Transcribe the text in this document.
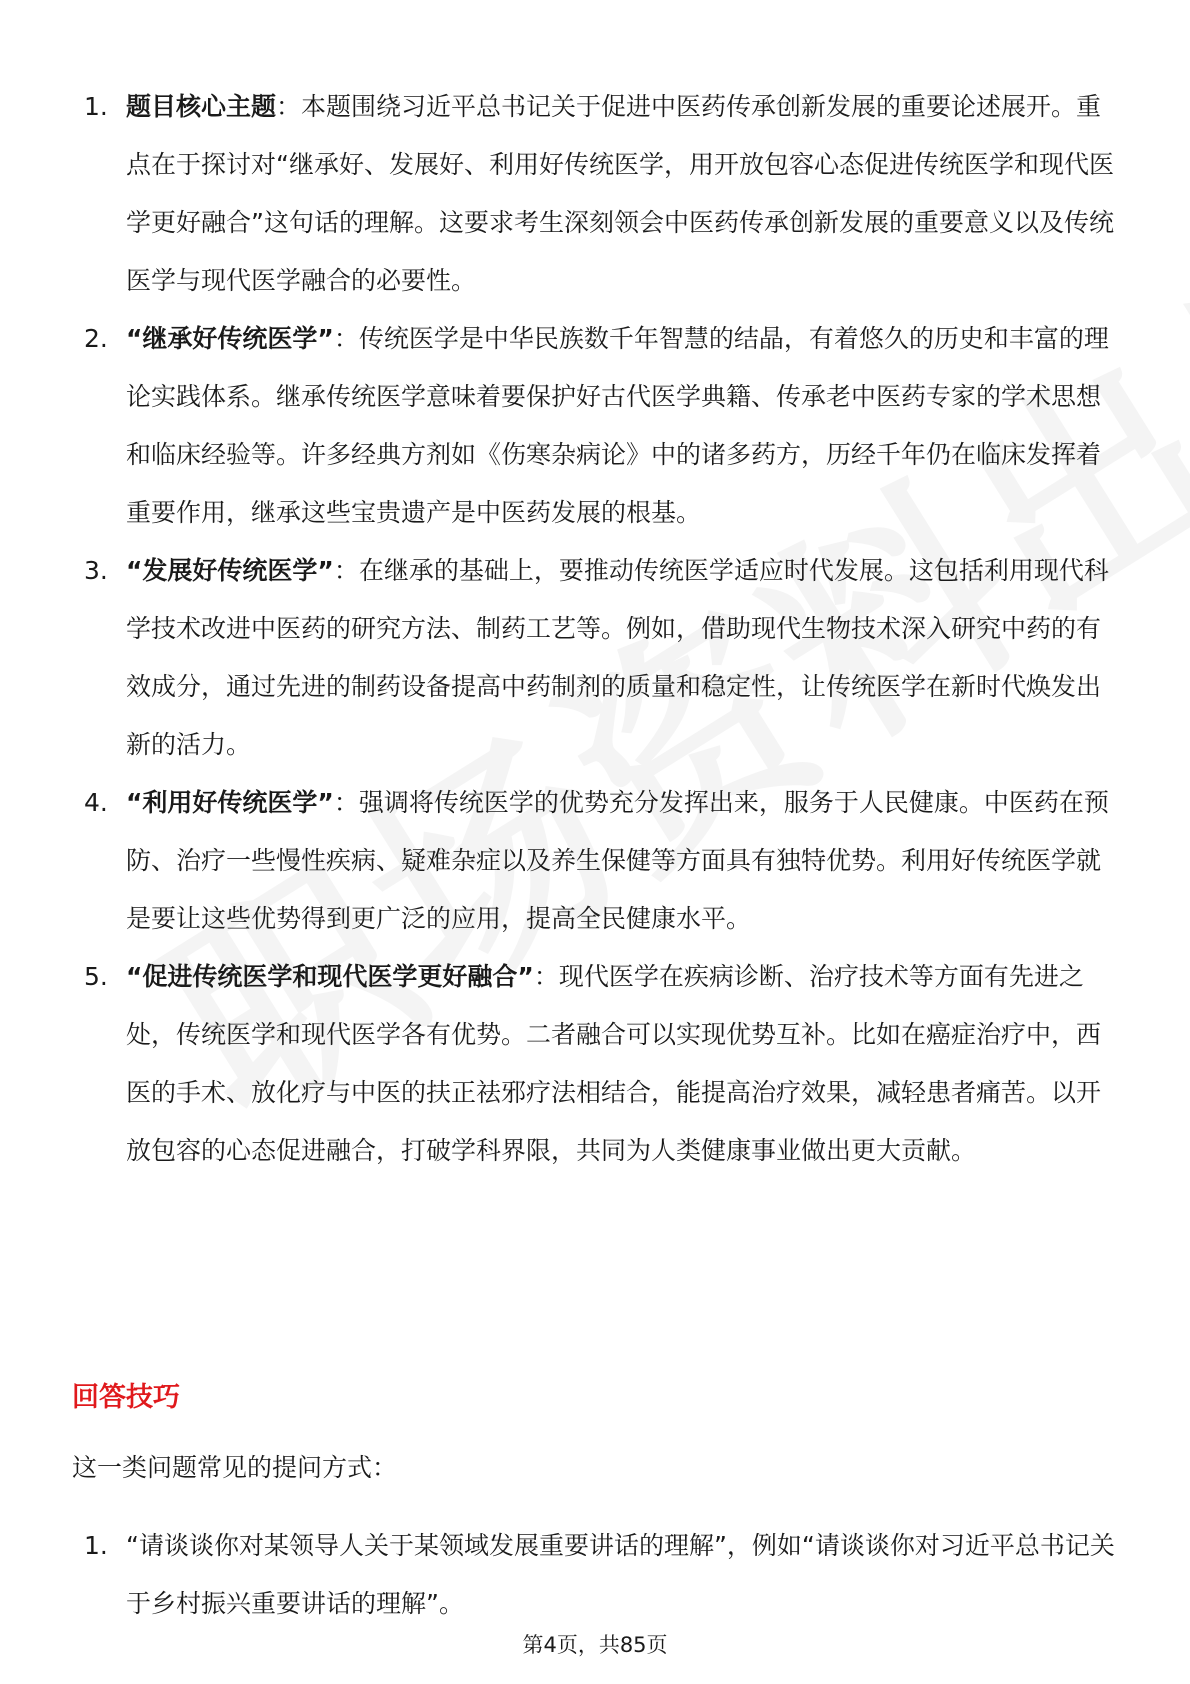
1. 题目核心主题：本题围绕习近平总书记关于促进中医药传承创新发展的重要论述展开。重点在于探讨对“继承好、发展好、利用好传统医学，用开放包容心态促进传统医学和现代医学更好融合”这句话的理解。这要求考生深刻领会中医药传承创新发展的重要意义以及传统医学与现代医学融合的必要性。
2. “继承好传统医学”：传统医学是中华民族数千年智慧的结晶，有着悠久的历史和丰富的理论实践体系。继承传统医学意味着要保护好古代医学典籍、传承老中医药专家的学术思想和临床经验等。许多经典方剂如《伤寒杂病论》中的诸多药方，历经千年仍在临床发挥着重要作用，继承这些宝贵遗产是中医药发展的根基。
3. “发展好传统医学”：在继承的基础上，要推动传统医学适应时代发展。这包括利用现代科学技术改进中医药的研究方法、制药工艺等。例如，借助现代生物技术深入研究中药的有效成分，通过先进的制药设备提高中药制剂的质量和稳定性，让传统医学在新时代焕发出新的活力。
4. “利用好传统医学”：强调将传统医学的优势充分发挥出来，服务于人民健康。中医药在预防、治疗一些慢性疾病、疑难杂症以及养生保健等方面具有独特优势。利用好传统医学就是要让这些优势得到更广泛的应用，提高全民健康水平。
5. “促进传统医学和现代医学更好融合”：现代医学在疾病诊断、治疗技术等方面有先进之处，传统医学和现代医学各有优势。二者融合可以实现优势互补。比如在癌症治疗中，西医的手术、放化疗与中医的扶正祛邪疗法相结合，能提高治疗效果，减轻患者痛苦。以开放包容的心态促进融合，打破学科界限，共同为人类健康事业做出更大贡献。
回答技巧
这一类问题常见的提问方式：
1. “请谈谈你对某领导人关于某领域发展重要讲话的理解”，例如“请谈谈你对习近平总书记关于乡村振兴重要讲话的理解”。
第4页，共85页
